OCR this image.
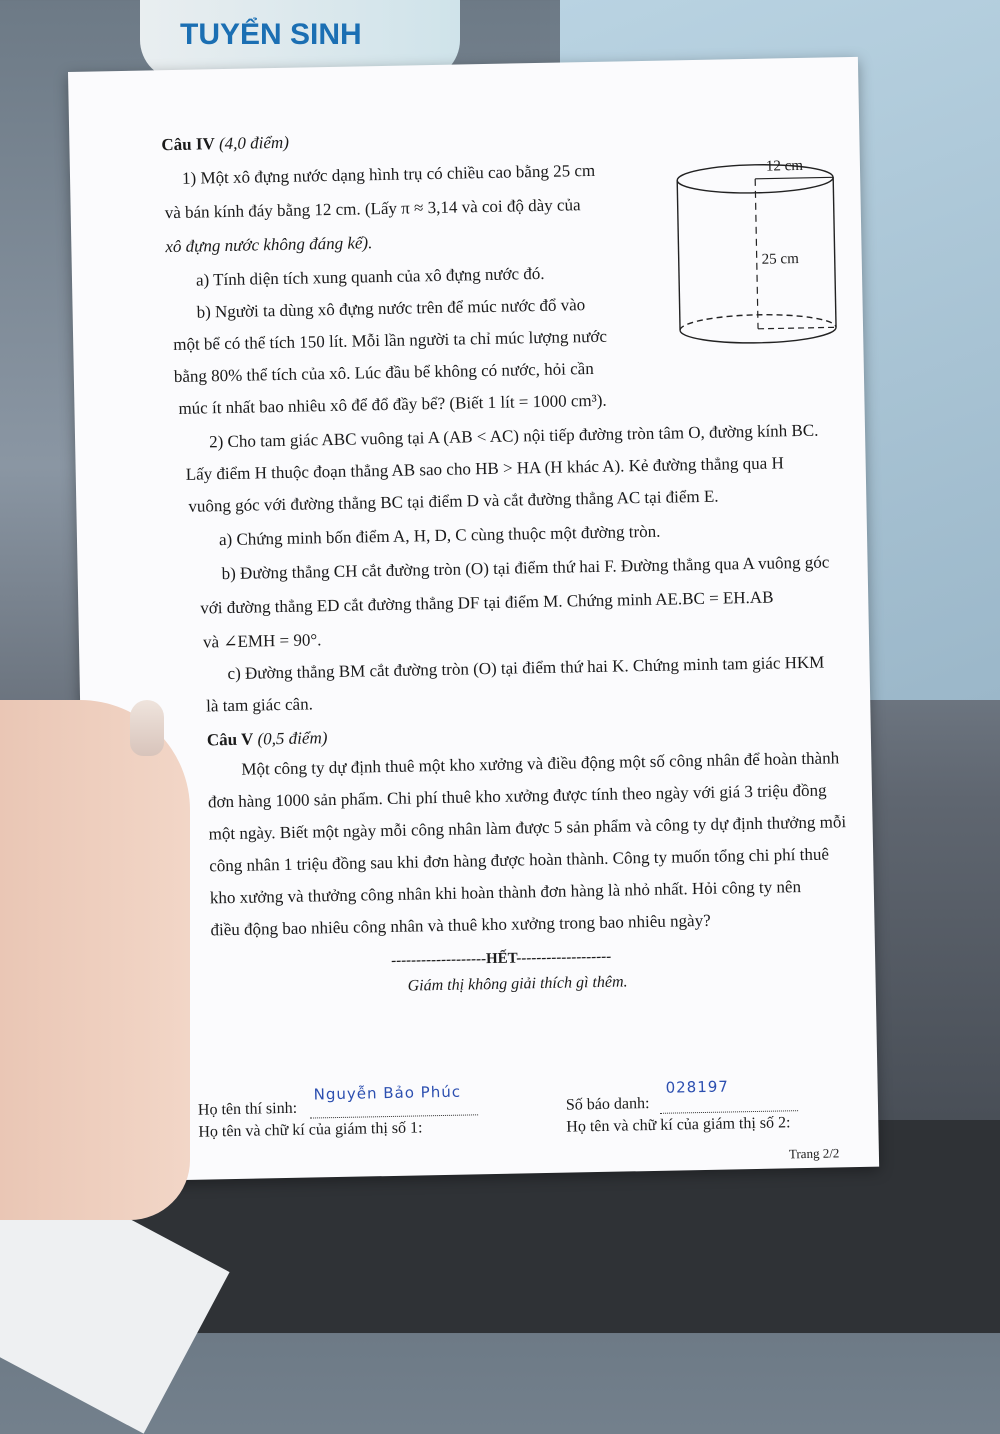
TUYỂN SINH
Câu IV (4,0 điểm)
1) Một xô đựng nước dạng hình trụ có chiều cao bằng 25 cm
và bán kính đáy bằng 12 cm. (Lấy π ≈ 3,14 và coi độ dày của
xô đựng nước không đáng kể).
a) Tính diện tích xung quanh của xô đựng nước đó.
b) Người ta dùng xô đựng nước trên để múc nước đổ vào
một bể có thể tích 150 lít. Mỗi lần người ta chỉ múc lượng nước
bằng 80% thể tích của xô. Lúc đầu bể không có nước, hỏi cần
múc ít nhất bao nhiêu xô để đổ đầy bể? (Biết 1 lít = 1000 cm³).
12 cm
25 cm
2) Cho tam giác ABC vuông tại A (AB < AC) nội tiếp đường tròn tâm O, đường kính BC.
Lấy điểm H thuộc đoạn thẳng AB sao cho HB > HA (H khác A). Kẻ đường thẳng qua H
vuông góc với đường thẳng BC tại điểm D và cắt đường thẳng AC tại điểm E.
a) Chứng minh bốn điểm A, H, D, C cùng thuộc một đường tròn.
b) Đường thẳng CH cắt đường tròn (O) tại điểm thứ hai F. Đường thẳng qua A vuông góc
với đường thẳng ED cắt đường thẳng DF tại điểm M. Chứng minh AE.BC = EH.AB
và ∠EMH = 90°.
c) Đường thẳng BM cắt đường tròn (O) tại điểm thứ hai K. Chứng minh tam giác HKM
là tam giác cân.
Câu V (0,5 điểm)
Một công ty dự định thuê một kho xưởng và điều động một số công nhân để hoàn thành
đơn hàng 1000 sản phẩm. Chi phí thuê kho xưởng được tính theo ngày với giá 3 triệu đồng
một ngày. Biết một ngày mỗi công nhân làm được 5 sản phẩm và công ty dự định thưởng mỗi
công nhân 1 triệu đồng sau khi đơn hàng được hoàn thành. Công ty muốn tổng chi phí thuê
kho xưởng và thưởng công nhân khi hoàn thành đơn hàng là nhỏ nhất. Hỏi công ty nên
điều động bao nhiêu công nhân và thuê kho xưởng trong bao nhiêu ngày?
-------------------HẾT-------------------
Giám thị không giải thích gì thêm.
Họ tên thí sinh:
Nguyễn Bảo Phúc
Số báo danh:
028197
Họ tên và chữ kí của giám thị số 1:	Họ tên và chữ kí của giám thị số 2:
Trang 2/2
